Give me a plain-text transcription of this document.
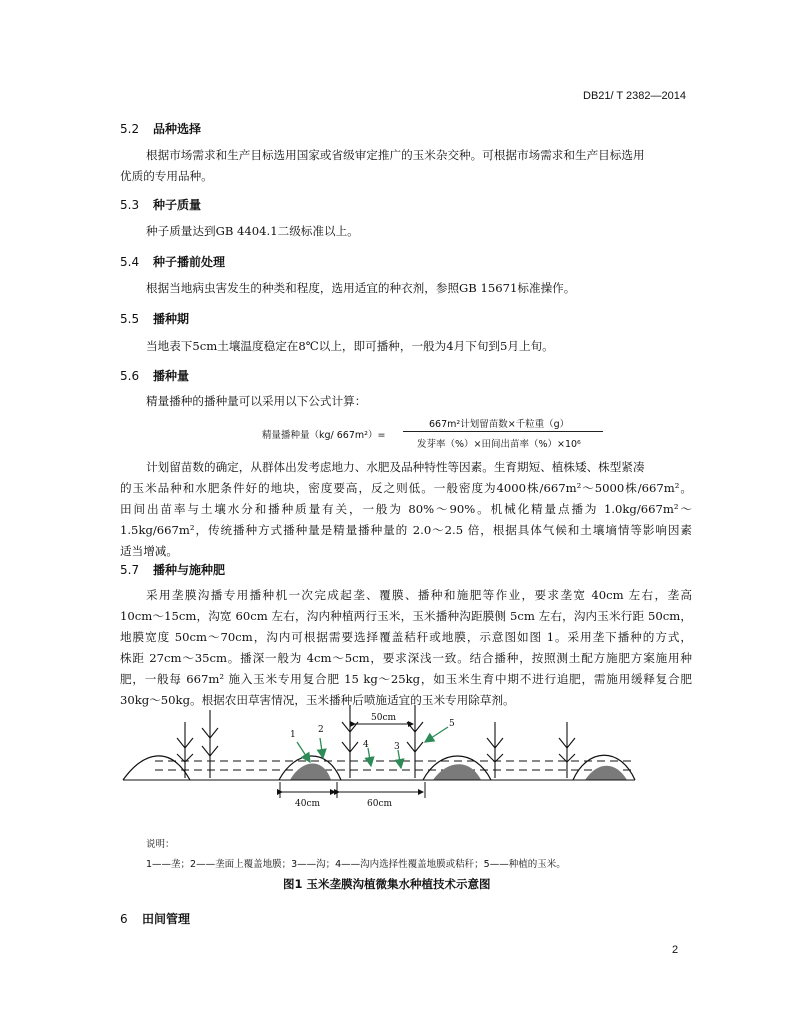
DB21/ T 2382—2014
5.2 品种选择
根据市场需求和生产目标选用国家或省级审定推广的玉米杂交种。可根据市场需求和生产目标选用
优质的专用品种。
5.3 种子质量
种子质量达到GB 4404.1二级标准以上。
5.4 种子播前处理
根据当地病虫害发生的种类和程度，选用适宜的种衣剂，参照GB 15671标准操作。
5.5 播种期
当地表下5cm土壤温度稳定在8℃以上，即可播种，一般为4月下旬到5月上旬。
5.6 播种量
精量播种的播种量可以采用以下公式计算：
精量播种量（kg/ 667m²）=
667m²计划留苗数×千粒重（g）
发芽率（%）×田间出苗率（%）×10⁶
计划留苗数的确定，从群体出发考虑地力、水肥及品种特性等因素。生育期短、植株矮、株型紧凑
的玉米品种和水肥条件好的地块，密度要高，反之则低。一般密度为4000株/667m²～5000株/667m²。
田间出苗率与土壤水分和播种质量有关，一般为 80%～90%。机械化精量点播为 1.0kg/667m²～
1.5kg/667m²，传统播种方式播种量是精量播种量的 2.0～2.5 倍，根据具体气候和土壤墒情等影响因素
适当增减。
5.7 播种与施种肥
采用垄膜沟播专用播种机一次完成起垄、覆膜、播种和施肥等作业，要求垄宽 40cm 左右，垄高
10cm～15cm，沟宽 60cm 左右，沟内种植两行玉米，玉米播种沟距膜侧 5cm 左右，沟内玉米行距 50cm，
地膜宽度 50cm～70cm，沟内可根据需要选择覆盖秸秆或地膜，示意图如图 1。采用垄下播种的方式，
株距 27cm～35cm。播深一般为 4cm～5cm，要求深浅一致。结合播种，按照测土配方施肥方案施用种
肥，一般每 667m² 施入玉米专用复合肥 15 kg～25kg，如玉米生育中期不进行追肥，需施用缓释复合肥
30kg～50kg。根据农田草害情况，玉米播种后喷施适宜的玉米专用除草剂。
50cm
1 2
4	3
5
40cm	60cm
说明：
1——垄；2——垄面上覆盖地膜；3——沟；4——沟内选择性覆盖地膜或秸秆；5——种植的玉米。
图1 玉米垄膜沟植微集水种植技术示意图
6 田间管理
2
